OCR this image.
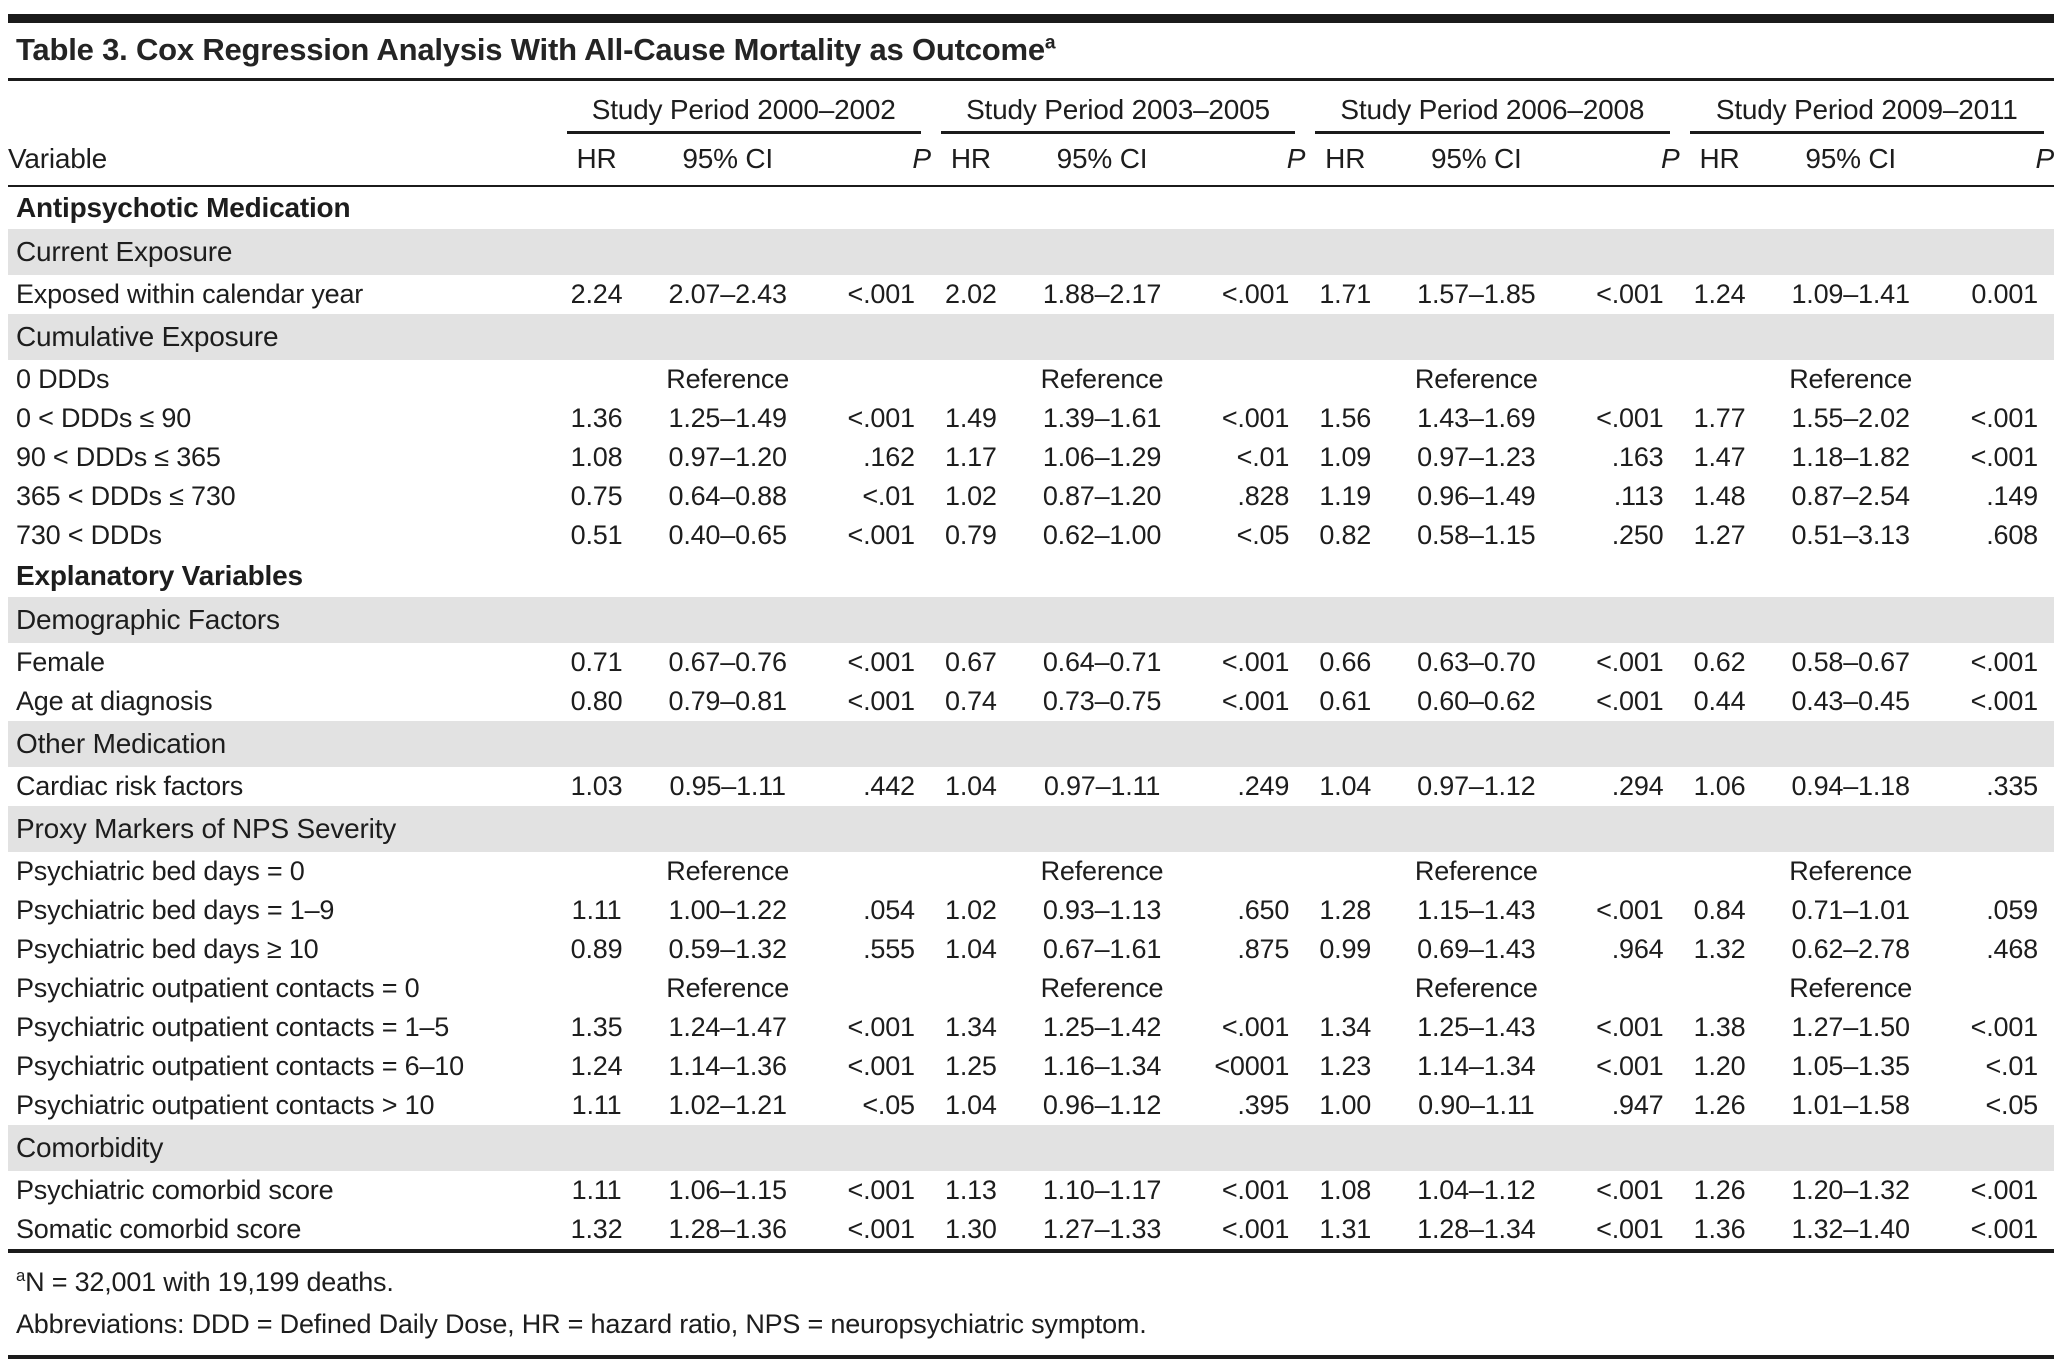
Table 3. Cox Regression Analysis With All-Cause Mortality as Outcome$^a$

	Study Period 2000–2002			Study Period 2003–2005			Study Period 2006–2008			Study Period 2009–2011		

Variable	HR	95% CI	P	HR	95% CI	P	HR	95% CI	P	HR	95% CI	P
Antipsychotic Medication												
Current Exposure												
Exposed within calendar year	2.24	2.07–2.43	<.001	2.02	1.88–2.17	<.001	1.71	1.57–1.85	<.001	1.24	1.09–1.41	0.001
Cumulative Exposure												
0 DDDs		Reference			Reference			Reference			Reference	
0 < DDDs ≤ 90	1.36	1.25–1.49	<.001	1.49	1.39–1.61	<.001	1.56	1.43–1.69	<.001	1.77	1.55–2.02	<.001
90 < DDDs ≤ 365	1.08	0.97–1.20	.162	1.17	1.06–1.29	<.01	1.09	0.97–1.23	.163	1.47	1.18–1.82	<.001
365 < DDDs ≤ 730	0.75	0.64–0.88	<.01	1.02	0.87–1.20	.828	1.19	0.96–1.49	.113	1.48	0.87–2.54	.149
730 < DDDs	0.51	0.40–0.65	<.001	0.79	0.62–1.00	<.05	0.82	0.58–1.15	.250	1.27	0.51–3.13	.608
Explanatory Variables												
Demographic Factors												
Female	0.71	0.67–0.76	<.001	0.67	0.64–0.71	<.001	0.66	0.63–0.70	<.001	0.62	0.58–0.67	<.001
Age at diagnosis	0.80	0.79–0.81	<.001	0.74	0.73–0.75	<.001	0.61	0.60–0.62	<.001	0.44	0.43–0.45	<.001
Other Medication												
Cardiac risk factors	1.03	0.95–1.11	.442	1.04	0.97–1.11	.249	1.04	0.97–1.12	.294	1.06	0.94–1.18	.335
Proxy Markers of NPS Severity												
Psychiatric bed days = 0		Reference			Reference			Reference			Reference	
Psychiatric bed days = 1–9	1.11	1.00–1.22	.054	1.02	0.93–1.13	.650	1.28	1.15–1.43	<.001	0.84	0.71–1.01	.059
Psychiatric bed days ≥ 10	0.89	0.59–1.32	.555	1.04	0.67–1.61	.875	0.99	0.69–1.43	.964	1.32	0.62–2.78	.468
Psychiatric outpatient contacts = 0		Reference			Reference			Reference			Reference	
Psychiatric outpatient contacts = 1–5	1.35	1.24–1.47	<.001	1.34	1.25–1.42	<.001	1.34	1.25–1.43	<.001	1.38	1.27–1.50	<.001
Psychiatric outpatient contacts = 6–10	1.24	1.14–1.36	<.001	1.25	1.16–1.34	<0001	1.23	1.14–1.34	<.001	1.20	1.05–1.35	<.01
Psychiatric outpatient contacts > 10	1.11	1.02–1.21	<.05	1.04	0.96–1.12	.395	1.00	0.90–1.11	.947	1.26	1.01–1.58	<.05
Comorbidity												
Psychiatric comorbid score	1.11	1.06–1.15	<.001	1.13	1.10–1.17	<.001	1.08	1.04–1.12	<.001	1.26	1.20–1.32	<.001
Somatic comorbid score	1.32	1.28–1.36	<.001	1.30	1.27–1.33	<.001	1.31	1.28–1.34	<.001	1.36	1.32–1.40	<.001
$^a$N = 32,001 with 19,199 deaths.
Abbreviations: DDD = Defined Daily Dose, HR = hazard ratio, NPS = neuropsychiatric symptom.
